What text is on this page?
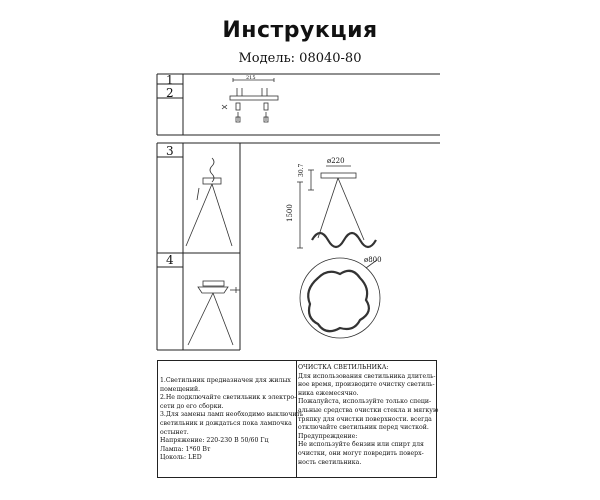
Инструкция
Модель: 08040-80
1
2
3
4
215
ø220
30.7
1500
ø800
1.Светильник предназначен для жилых
помещений.
2.Не подключайте светильник к электро-
сети до его сборки.
3.Для замены ламп необходимо выключить
светильник и дождаться пока лампочка
остынет.
Напряжение: 220-230 В 50/60 Гц
Лампа: 1*60 Вт
Цоколь: LED
ОЧИСТКА СВЕТИЛЬНИКА:
Для использования светильника длитель-
ное время, производите очистку светиль-
ника ежемесячно.
Пожалуйста, используйте только специ-
альные средства очистки стекла и мягкую
тряпку для очистки поверхности. всегда
отключайте светильник перед чисткой.
Предупреждение:
Не используйте бензин или спирт для
очистки, они могут повредить поверх-
ность светильника.
